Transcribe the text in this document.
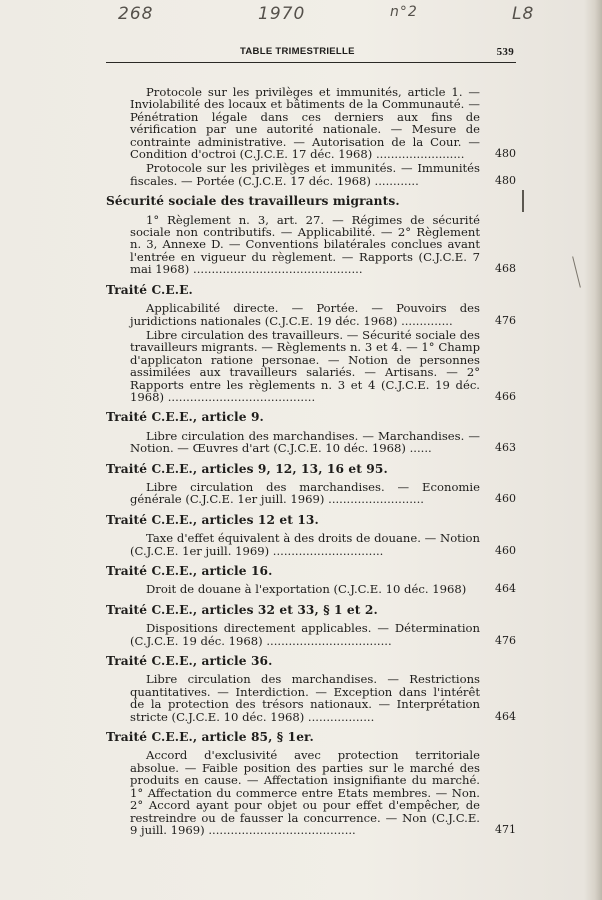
268	1970	n°2	L8
TABLE TRIMESTRIELLE	539
Protocole sur les privilèges et immunités, article 1. — Inviolabilité des locaux et bâtiments de la Communauté. — Pénétration légale dans ces derniers aux fins de vérification par une autorité nationale. — Mesure de contrainte administrative. — Autorisation de la Cour. — Condition d'octroi (C.J.C.E. 17 déc. 1968) ........................	480
Protocole sur les privilèges et immunités. — Immunités fiscales. — Portée (C.J.C.E. 17 déc. 1968) ............	480
Sécurité sociale des travailleurs migrants.
1° Règlement n. 3, art. 27. — Régimes de sécurité sociale non contributifs. — Applicabilité. — 2° Règlement n. 3, Annexe D. — Conventions bilatérales conclues avant l'entrée en vigueur du règlement. — Rapports (C.J.C.E. 7 mai 1968) ..............................................	468
Traité C.E.E.
Applicabilité directe. — Portée. — Pouvoirs des juridictions nationales (C.J.C.E. 19 déc. 1968) ..............	476
Libre circulation des travailleurs. — Sécurité sociale des travailleurs migrants. — Règlements n. 3 et 4. — 1° Champ d'applicaton ratione personae. — Notion de personnes assimilées aux travailleurs salariés. — Artisans. — 2° Rapports entre les règlements n. 3 et 4 (C.J.C.E. 19 déc. 1968) ........................................	466
Traité C.E.E., article 9.
Libre circulation des marchandises. — Marchandises. — Notion. — Œuvres d'art (C.J.C.E. 10 déc. 1968) ......	463
Traité C.E.E., articles 9, 12, 13, 16 et 95.
Libre circulation des marchandises. — Economie générale (C.J.C.E. 1er juill. 1969) ..........................	460
Traité C.E.E., articles 12 et 13.
Taxe d'effet équivalent à des droits de douane. — Notion (C.J.C.E. 1er juill. 1969) ..............................	460
Traité C.E.E., article 16.
Droit de douane à l'exportation (C.J.C.E. 10 déc. 1968)	464
Traité C.E.E., articles 32 et 33, § 1 et 2.
Dispositions directement applicables. — Détermination (C.J.C.E. 19 déc. 1968) ..................................	476
Traité C.E.E., article 36.
Libre circulation des marchandises. — Restrictions quantitatives. — Interdiction. — Exception dans l'intérêt de la protection des trésors nationaux. — Interprétation stricte (C.J.C.E. 10 déc. 1968) ..................	464
Traité C.E.E., article 85, § 1er.
Accord d'exclusivité avec protection territoriale absolue. — Faible position des parties sur le marché des produits en cause. — Affectation insignifiante du marché. 1° Affectation du commerce entre Etats membres. — Non. 2° Accord ayant pour objet ou pour effet d'empêcher, de restreindre ou de fausser la concurrence. — Non (C.J.C.E. 9 juill. 1969) ........................................	471
